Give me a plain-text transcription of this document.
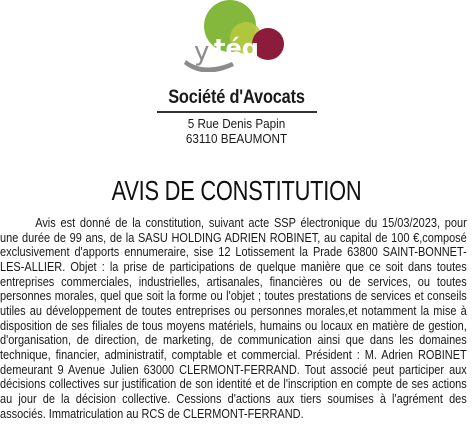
y téq
Société d'Avocats
5 Rue Denis Papin
63110 BEAUMONT
AVIS DE CONSTITUTION

Avis est donné de la constitution, suivant acte SSP électronique du 15/03/2023, pour une durée de 99 ans, de la SASU HOLDING ADRIEN ROBINET, au capital de 100 €,composé exclusivement d'apports ennumeraire, sise 12 Lotissement la Prade 63800 SAINT-BONNET-LES-ALLIER. Objet : la prise de participations de quelque manière que ce soit dans toutes entreprises commerciales, industrielles, artisanales, financières ou de services, ou toutes personnes morales, quel que soit la forme ou l'objet ; toutes prestations de services et conseils utiles au développement de toutes entreprises ou personnes morales,et notamment la mise à disposition de ses filiales de tous moyens matériels, humains ou locaux en matière de gestion, d'organisation, de direction, de marketing, de communication ainsi que dans les domaines technique, financier, administratif, comptable et commercial. Président : M. Adrien ROBINET demeurant 9 Avenue Julien 63000 CLERMONT-FERRAND. Tout associé peut participer aux décisions collectives sur justification de son identité et de l'inscription en compte de ses actions au jour de la décision collective. Cessions d'actions aux tiers soumises à l'agrément des associés. Immatriculation au RCS de CLERMONT-FERRAND.
